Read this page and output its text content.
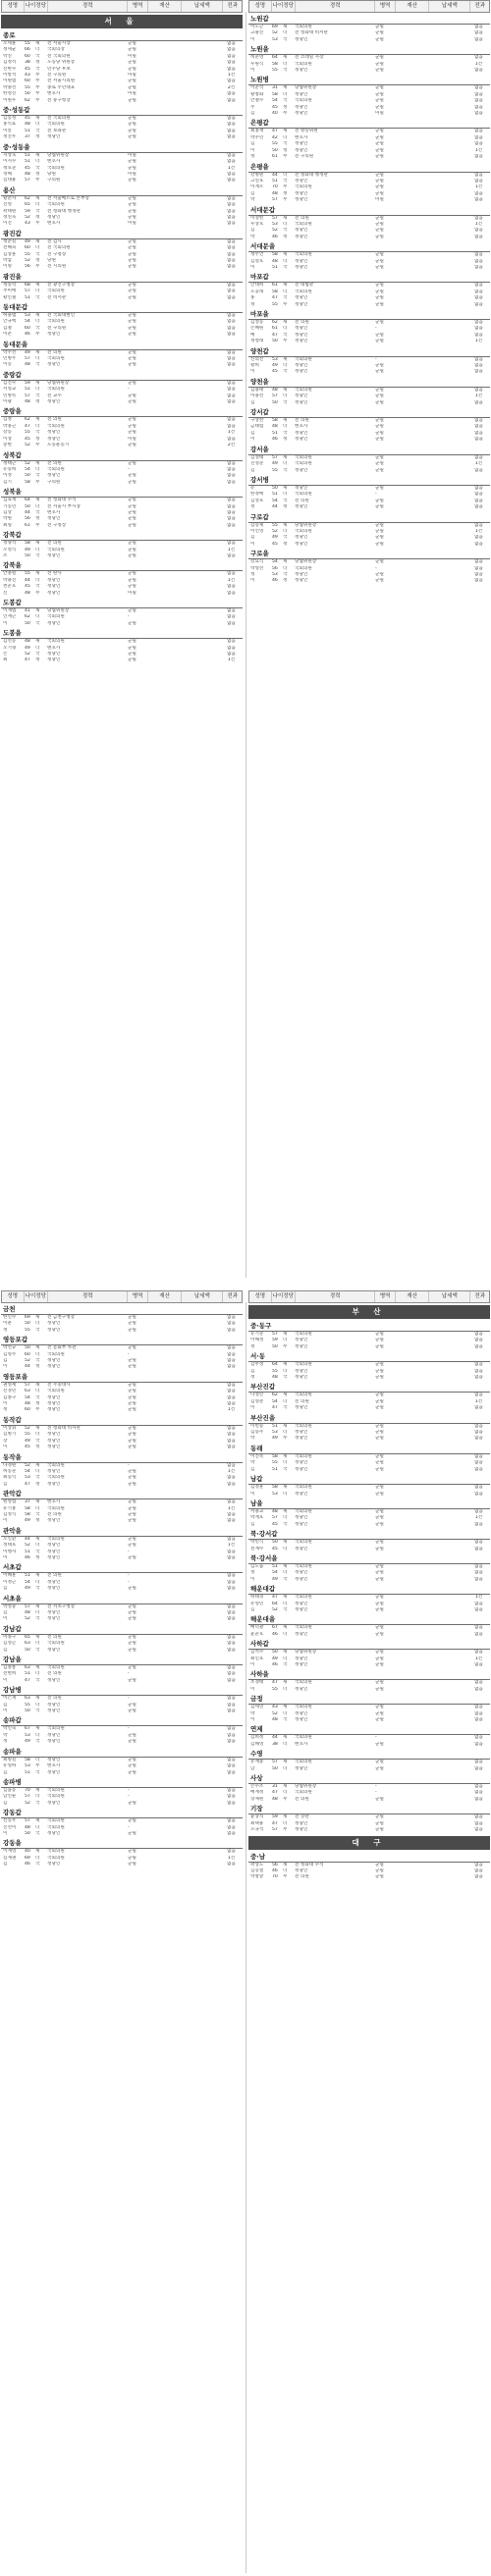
성명	나이정당	경력	병역	재산	납세액	전과	성명	나이정당	경력	병역	재산	납세액	전과
서 울
종로
오세훈	55	새	전 서울시장	군필	없음
정세균	66	더	국회의장	군필	없음
박진	60	국	전 국회의원	미필	없음
김정석	38	정	노동당 위원장	군필	없음
신한수	45	국	민주당 후보	군필	없음
이항석	43	무	전 구의원	미필	1건
이원범	60	무	전 서울시의원	군필	없음
박종선	55	무	종로 주민대표	군필	2건
한영진	50	무	변호사	미필	없음
이원우	62	무	전 중구청장	군필	없음
중·성동갑
김동성	45	새	전 국회의원	군필	없음
홍익표	48	더	국회의원	군필	없음
이봉	51	국	전 보좌관	군필	없음
정진우	37	정	정당인	군필	없음
중·성동을
지상욱	51	새	당협위원장	미필	없음
이지수	51	더	변호사	군필	없음
정호준	45	국	국회의원	군필	1건
정해	48	정	당원	미필	없음
심대용	57	무	구의원	군필	없음
용산
황춘자	62	새	전 서울메트로 본부장	군필	없음
진영	65	더	국회의원	군필	없음
곽태원	59	국	전 청와대 행정관	군필	없음
정연욱	52	정	정당인	군필	없음
이진	43	무	변호사	미필	없음
광진갑
정준길	49	새	전 검사	군필	없음
전혜숙	60	더	전 국회의원	군필	없음
김상훈	55	국	전 구청장	군필	없음
박삼	52	정	당원	군필	없음
이명	56	무	전 시의원	군필	없음
광진을
정송학	68	새	전 광진구청장	군필	없음
추미애	57	더	국회의원	군필	없음
황인철	51	국	전 비서관	군필	없음
동대문갑
허용범	53	새	전 국회대변인	군필	없음
안규백	54	더	국회의원	군필	없음
김철	60	국	전 구의원	군필	없음
이춘	46	무	정당인	군필	없음
동대문을
박주선	49	새	전 의원	군필	없음
민병두	57	더	국회의원	군필	없음
이동	48	국	정당인	군필	없음
중랑갑
김진수	59	새	당협위원장	군필	없음
서영교	51	더	국회의원	-	없음
민병록	57	국	전 교수	군필	없음
이광	48	정	정당인	군필	없음
중랑을
김정	62	새	전 의원	군필	없음
박홍근	47	더	국회의원	군필	없음
강동	55	국	정당인	군필	1건
이상	45	정	정당인	미필	없음
송현	52	무	노동운동가	군필	2건
성북갑
정태근	52	새	전 의원	군필	없음
유승희	54	더	국회의원	-	없음
이정	50	국	정당인	군필	없음
김기	58	무	구의원	군필	없음
성북을
김효재	64	새	전 청와대 수석	군필	없음
기동민	50	더	전 서울시 부시장	군필	없음
김상	44	국	변호사	군필	없음
박원	56	정	정당인	군필	없음
최형	61	무	전 구청장	군필	없음
강북갑
정양석	58	새	전 의원	군필	없음
오영식	49	더	국회의원	군필	1건
조	50	국	정당인	군필	없음
강북을
안홍렬	55	새	전 판사	군필	없음
박용진	44	더	정당인	군필	1건
천준호	45	국	정당인	군필	없음
신	48	무	정당인	미필	없음
도봉갑
이재범	41	새	당협위원장	군필	없음
인재근	62	더	국회의원	-	없음
이	50	국	정당인	군필	없음
도봉을
김선동	48	새	국회의원	군필	없음
오기형	49	더	변호사	군필	없음
손	52	국	정당인	군필	없음
최	47	정	정당인	군필	1건
노원갑
이노근	69	새	국회의원	군필	없음
고용진	52	더	전 청와대 비서관	군필	없음
이	53	국	정당인	군필	없음
노원을
허준영	64	새	전 코레일 사장	군필	없음
우원식	58	더	국회의원	군필	1건
이	55	국	정당인	군필	없음
노원병
이준석	31	새	당협위원장	군필	없음
황창화	58	더	정당인	군필	없음
안철수	54	국	국회의원	군필	없음
주	45	정	정당인	군필	없음
김	40	무	정당인	미필	없음
은평갑
최홍재	47	새	전 방송위원	군필	없음
박주민	42	더	변호사	군필	없음
김	55	국	정당인	군필	없음
이	50	정	정당인	군필	1건
정	61	무	전 구의원	군필	없음
은평을
강병원	44	더	전 청와대 행정관	군필	없음
고연호	51	국	정당인	군필	없음
이재오	70	무	국회의원	군필	1건
김	48	정	정당인	군필	없음
박	57	무	정당인	미필	없음
서대문갑
이성헌	57	새	전 의원	군필	없음
우상호	53	더	국회의원	군필	1건
김	52	국	정당인	군필	없음
박	46	정	정당인	군필	없음
서대문을
정두언	58	새	국회의원	군필	없음
김영호	48	더	정당인	군필	없음
이	51	국	정당인	군필	없음
마포갑
안대희	61	새	전 대법관	군필	없음
노웅래	58	더	국회의원	군필	없음
홍	47	국	정당인	군필	없음
정	55	무	정당인	군필	없음
마포을
김성동	62	새	전 의원	군필	없음
손혜원	61	더	정당인	-	없음
배	47	국	정당인	군필	없음
정청래	50	무	정당인	군필	1건
양천갑
신의진	53	새	국회의원	-	없음
황희	49	더	정당인	군필	없음
이	45	국	정당인	군필	없음
양천을
김용태	48	새	국회의원	군필	없음
이용선	57	더	정당인	군필	1건
김	50	국	정당인	군필	없음
강서갑
구상찬	58	새	전 의원	군필	없음
금태섭	48	더	변호사	군필	없음
김	51	국	정당인	군필	없음
이	46	정	정당인	군필	없음
강서을
김성태	57	새	국회의원	군필	없음
진성준	49	더	국회의원	군필	1건
김	55	국	정당인	군필	없음
강서병
유	50	새	정당인	군필	없음
한정애	51	더	국회의원	-	없음
김성호	54	국	전 의원	군필	없음
정	44	정	정당인	군필	없음
구로갑
김승제	55	새	당협위원장	군필	없음
이인영	52	더	국회의원	군필	1건
김	49	국	정당인	군필	없음
이	45	정	정당인	군필	없음
구로을
강요식	54	새	당협위원장	군필	없음
박영선	56	더	국회의원	-	없음
정	53	국	정당인	군필	없음
이	46	정	정당인	군필	없음
성명	나이정당	경력	병역	재산	납세액	전과	성명	나이정당	경력	병역	재산	납세액	전과
금천
한인수	69	새	전 금천구청장	군필	없음
이훈	50	더	정당인	군필	없음
정	55	국	정당인	군필	없음
영등포갑
박선규	50	새	전 문화부 차관	군필	없음
김영주	60	더	국회의원	-	없음
김	52	국	정당인	군필	없음
이	44	정	정당인	군필	없음
영등포을
권영세	57	새	전 주중대사	군필	없음
신경민	63	더	국회의원	군필	없음
김종구	54	국	정당인	군필	없음
이	48	정	정당인	군필	없음
정	60	무	정당인	군필	1건
동작갑
이상휘	52	새	전 청와대 비서관	군필	없음
김병기	55	더	정당인	군필	없음
장	49	국	정당인	군필	없음
이	45	정	정당인	군필	없음
동작을
나경원	52	새	국회의원	-	없음
허동준	54	더	정당인	군필	1건
최동익	53	국	국회의원	군필	없음
김	47	정	정당인	군필	없음
관악갑
원영섭	37	새	변호사	군필	없음
유기홍	58	더	국회의원	군필	1건
김성식	58	국	전 의원	군필	없음
이	49	정	정당인	군필	없음
관악을
오신환	44	새	국회의원	군필	없음
정태호	52	더	정당인	군필	1건
이행자	51	국	정당인	-	없음
이	46	정	정당인	군필	없음
서초갑
이혜훈	51	새	전 의원	-	없음
이정근	54	더	정당인	-	없음
김	49	국	정당인	군필	없음
서초을
박성중	57	새	전 서초구청장	군필	없음
김	48	더	정당인	군필	없음
이	52	국	정당인	군필	없음
강남갑
이종구	65	새	전 의원	군필	없음
김성곤	63	더	국회의원	군필	없음
김	50	국	정당인	군필	없음
강남을
김종훈	63	새	국회의원	군필	없음
전현희	51	더	전 의원	-	없음
이	47	국	정당인	군필	없음
강남병
이은재	63	새	전 의원	-	없음
김	55	더	정당인	군필	없음
이	50	국	정당인	군필	없음
송파갑
박인숙	67	새	국회의원	-	없음
박	53	더	정당인	군필	없음
정	49	국	정당인	군필	없음
송파을
최명길	58	더	정당인	군필	없음
유영하	53	무	변호사	군필	없음
김	51	국	정당인	군필	없음
송파병
김을동	70	새	국회의원	-	없음
남인순	57	더	국회의원	-	없음
김	52	국	정당인	군필	없음
강동갑
신동우	57	새	국회의원	군필	없음
진선미	48	더	국회의원	-	없음
이	50	국	정당인	군필	없음
강동을
이재영	40	새	국회의원	군필	없음
심재권	69	더	국회의원	군필	1건
김	46	국	정당인	군필	없음
부 산
중·동구
유기준	57	새	국회의원	군필	없음
이해성	59	더	정당인	군필	없음
정	50	무	정당인	군필	없음
서·동
김무성	64	새	국회의원	군필	없음
김	55	더	정당인	군필	없음
정	48	국	정당인	군필	없음
부산진갑
나성린	62	새	국회의원	군필	없음
김영춘	54	더	전 의원	군필	1건
이	47	국	정당인	군필	없음
부산진을
이헌승	51	새	국회의원	군필	없음
김승주	53	더	정당인	군필	없음
박	49	무	정당인	군필	없음
동래
이진복	58	새	국회의원	군필	없음
박	55	더	정당인	군필	없음
김	51	국	정당인	군필	없음
남갑
김정훈	58	새	국회의원	군필	없음
이	53	더	정당인	군필	없음
남을
서용교	48	새	국회의원	군필	없음
박재호	57	더	정당인	군필	1건
김	45	국	정당인	군필	없음
북·강서갑
박민식	50	새	국회의원	군필	없음
전재수	45	더	정당인	군필	없음
북·강서을
김도읍	51	새	국회의원	군필	없음
정	54	더	정당인	군필	없음
이	49	국	정당인	군필	없음
해운대갑
하태경	47	새	국회의원	군필	1건
유영민	64	더	정당인	군필	없음
김	52	국	정당인	군필	없음
해운대을
배덕광	67	새	국회의원	군필	없음
윤준호	46	더	정당인	군필	없음
사하갑
김척수	50	새	당협위원장	군필	없음
최인호	49	더	정당인	군필	1건
이	46	국	정당인	군필	없음
사하을
조경태	47	새	국회의원	군필	없음
이	55	더	정당인	군필	없음
금정
김세연	43	새	국회의원	군필	없음
박	52	더	정당인	군필	없음
이	48	국	정당인	군필	없음
연제
김희정	44	새	국회의원	-	없음
김해영	38	더	변호사	군필	없음
수영
유재중	57	새	국회의원	군필	없음
남	50	더	정당인	군필	없음
사상
손수조	31	새	당협위원장	-	없음
배재정	47	더	국회의원	-	없음
장제원	48	무	전 의원	군필	없음
기장
윤상직	59	새	전 장관	군필	없음
최택용	47	더	정당인	군필	없음
오규석	57	무	정당인	군필	없음
대 구
중·남
곽상도	56	새	전 청와대 수석	군필	없음
김동열	46	더	정당인	군필	없음
박창달	70	무	전 의원	군필	없음
